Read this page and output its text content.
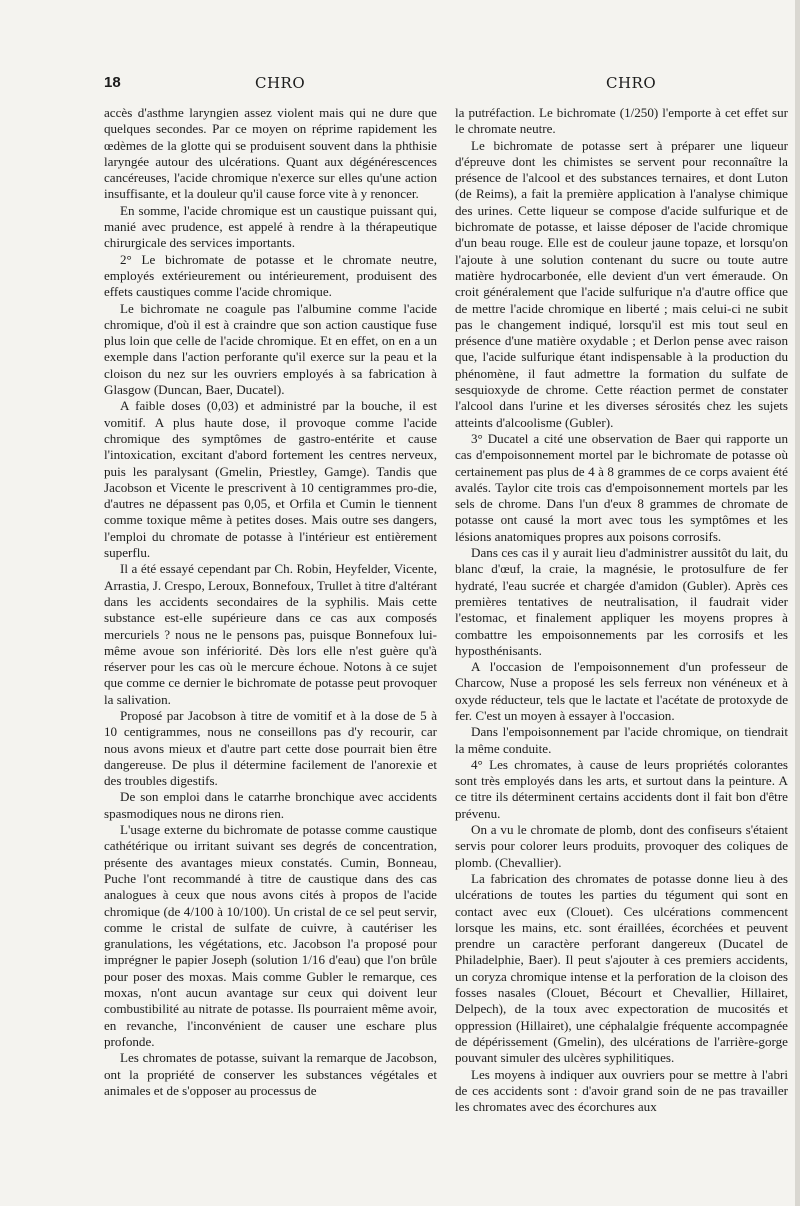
18	CHRO	CHRO

accès d'asthme laryngien assez violent mais qui ne dure que quelques secondes. Par ce moyen on réprime rapidement les œdèmes de la glotte qui se produisent souvent dans la phthisie laryngée autour des ulcérations. Quant aux dégénérescences cancéreuses, l'acide chromique n'exerce sur elles qu'une action insuffisante, et la douleur qu'il cause force vite à y renoncer.

En somme, l'acide chromique est un caustique puissant qui, manié avec prudence, est appelé à rendre à la thérapeutique chirurgicale des services importants.

2° Le bichromate de potasse et le chromate neutre, employés extérieurement ou intérieurement, produisent des effets caustiques comme l'acide chromique.

Le bichromate ne coagule pas l'albumine comme l'acide chromique, d'où il est à craindre que son action caustique fuse plus loin que celle de l'acide chromique. Et en effet, on en a un exemple dans l'action perforante qu'il exerce sur la peau et la cloison du nez sur les ouvriers employés à sa fabrication à Glasgow (Duncan, Baer, Ducatel).

A faible doses (0,03) et administré par la bouche, il est vomitif. A plus haute dose, il provoque comme l'acide chromique des symptômes de gastro-entérite et cause l'intoxication, excitant d'abord fortement les centres nerveux, puis les paralysant (Gmelin, Priestley, Gamge). Tandis que Jacobson et Vicente le prescrivent à 10 centigrammes pro-die, d'autres ne dépassent pas 0,05, et Orfila et Cumin le tiennent comme toxique même à petites doses. Mais outre ses dangers, l'emploi du chromate de potasse à l'intérieur est entièrement superflu.

Il a été essayé cependant par Ch. Robin, Heyfelder, Vicente, Arrastia, J. Crespo, Leroux, Bonnefoux, Trullet à titre d'altérant dans les accidents secondaires de la syphilis. Mais cette substance est-elle supérieure dans ce cas aux composés mercuriels ? nous ne le pensons pas, puisque Bonnefoux lui-même avoue son infériorité. Dès lors elle n'est guère qu'à réserver pour les cas où le mercure échoue. Notons à ce sujet que comme ce dernier le bichromate de potasse peut provoquer la salivation.

Proposé par Jacobson à titre de vomitif et à la dose de 5 à 10 centigrammes, nous ne conseillons pas d'y recourir, car nous avons mieux et d'autre part cette dose pourrait bien être dangereuse. De plus il détermine facilement de l'anorexie et des troubles digestifs.

De son emploi dans le catarrhe bronchique avec accidents spasmodiques nous ne dirons rien.

L'usage externe du bichromate de potasse comme caustique cathétérique ou irritant suivant ses degrés de concentration, présente des avantages mieux constatés. Cumin, Bonneau, Puche l'ont recommandé à titre de caustique dans des cas analogues à ceux que nous avons cités à propos de l'acide chromique (de 4/100 à 10/100). Un cristal de ce sel peut servir, comme le cristal de sulfate de cuivre, à cautériser les granulations, les végétations, etc. Jacobson l'a proposé pour imprégner le papier Joseph (solution 1/16 d'eau) que l'on brûle pour poser des moxas. Mais comme Gubler le remarque, ces moxas, n'ont aucun avantage sur ceux qui doivent leur combustibilité au nitrate de potasse. Ils pourraient même avoir, en revanche, l'inconvénient de causer une eschare plus profonde.

Les chromates de potasse, suivant la remarque de Jacobson, ont la propriété de conserver les substances végétales et animales et de s'opposer au processus de

la putréfaction. Le bichromate (1/250) l'emporte à cet effet sur le chromate neutre.

Le bichromate de potasse sert à préparer une liqueur d'épreuve dont les chimistes se servent pour reconnaître la présence de l'alcool et des substances ternaires, et dont Luton (de Reims), a fait la première application à l'analyse chimique des urines. Cette liqueur se compose d'acide sulfurique et de bichromate de potasse, et laisse déposer de l'acide chromique d'un beau rouge. Elle est de couleur jaune topaze, et lorsqu'on l'ajoute à une solution contenant du sucre ou toute autre matière hydrocarbonée, elle devient d'un vert émeraude. On croit généralement que l'acide sulfurique n'a d'autre office que de mettre l'acide chromique en liberté ; mais celui-ci ne subit pas le changement indiqué, lorsqu'il est mis tout seul en présence d'une matière oxydable ; et Derlon pense avec raison que, l'acide sulfurique étant indispensable à la production du phénomène, il faut admettre la formation du sulfate de sesquioxyde de chrome. Cette réaction permet de constater l'alcool dans l'urine et les diverses sérosités chez les sujets atteints d'alcoolisme (Gubler).

3° Ducatel a cité une observation de Baer qui rapporte un cas d'empoisonnement mortel par le bichromate de potasse où certainement pas plus de 4 à 8 grammes de ce corps avaient été avalés. Taylor cite trois cas d'empoisonnement mortels par les sels de chrome. Dans l'un d'eux 8 grammes de chromate de potasse ont causé la mort avec tous les symptômes et les lésions anatomiques propres aux poisons corrosifs.

Dans ces cas il y aurait lieu d'administrer aussitôt du lait, du blanc d'œuf, la craie, la magnésie, le protosulfure de fer hydraté, l'eau sucrée et chargée d'amidon (Gubler). Après ces premières tentatives de neutralisation, il faudrait vider l'estomac, et finalement appliquer les moyens propres à combattre les empoisonnements par les corrosifs et les hyposthénisants.

A l'occasion de l'empoisonnement d'un professeur de Charcow, Nuse a proposé les sels ferreux non vénéneux et à oxyde réducteur, tels que le lactate et l'acétate de protoxyde de fer. C'est un moyen à essayer à l'occasion.

Dans l'empoisonnement par l'acide chromique, on tiendrait la même conduite.

4° Les chromates, à cause de leurs propriétés colorantes sont très employés dans les arts, et surtout dans la peinture. A ce titre ils déterminent certains accidents dont il fait bon d'être prévenu.

On a vu le chromate de plomb, dont des confiseurs s'étaient servis pour colorer leurs produits, provoquer des coliques de plomb. (Chevallier).

La fabrication des chromates de potasse donne lieu à des ulcérations de toutes les parties du tégument qui sont en contact avec eux (Clouet). Ces ulcérations commencent lorsque les mains, etc. sont éraillées, écorchées et peuvent prendre un caractère perforant dangereux (Ducatel de Philadelphie, Baer). Il peut s'ajouter à ces premiers accidents, un coryza chromique intense et la perforation de la cloison des fosses nasales (Clouet, Bécourt et Chevallier, Hillairet, Delpech), de la toux avec expectoration de mucosités et oppression (Hillairet), une céphalalgie fréquente accompagnée de dépérissement (Gmelin), des ulcérations de l'arrière-gorge pouvant simuler des ulcères syphilitiques.

Les moyens à indiquer aux ouvriers pour se mettre à l'abri de ces accidents sont : d'avoir grand soin de ne pas travailler les chromates avec des écorchures aux
